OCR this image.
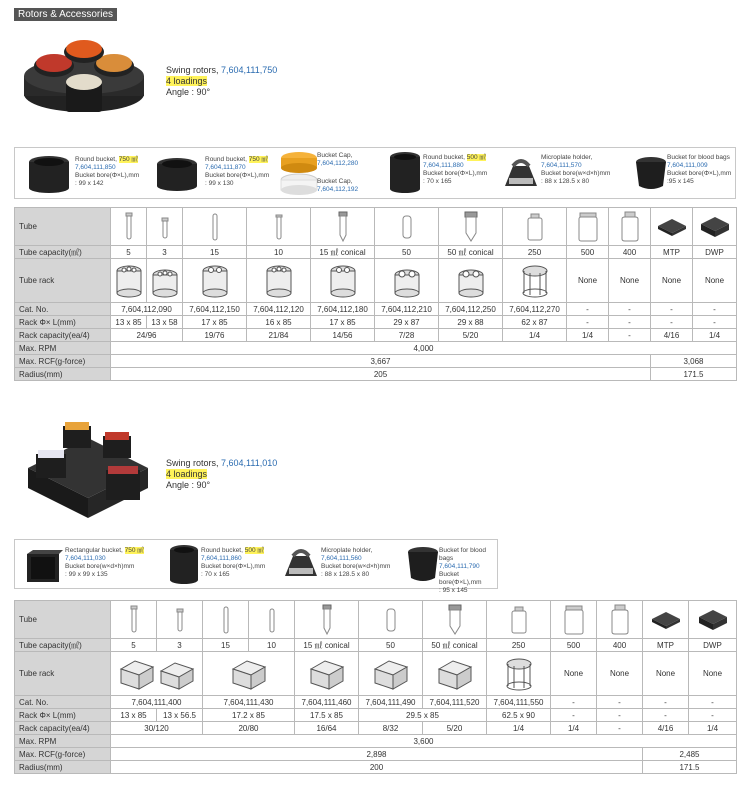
Rotors & Accessories
Swing rotors, 7,604,111,750
4 loadings
Angle : 90°
Round bucket, 750 ㎖
7,604,111,850
Bucket bore(Φ×L),mm
: 99 x 142
Round bucket, 750 ㎖
7,604,111,870
Bucket bore(Φ×L),mm
: 99 x 130
Bucket Cap,
7,604,112,280
Bucket Cap,
7,604,112,192
Round bucket, 500 ㎖
7,604,111,880
Bucket bore(Φ×L),mm
: 70 x 165
Microplate holder,
7,604,111,570
Bucket bore(w×d×h)mm
: 88 x 128.5 x 80
Bucket for blood bags
7,604,111,009
Bucket bore(Φ×L),mm
:95 x 145
Tube	

Tube capacity(㎖)	5	3	15	10	15 ㎖ conical	50	50 ㎖ conical	250	500	400	MTP	DWP
Tube rack									None	None	None	None
Cat. No.	7,604,112,090		7,604,112,150	7,604,112,120	7,604,112,180	7,604,112,210	7,604,112,250	7,604,112,270	-	-	-	-
Rack Φ× L(mm)	13 x 85	13 x 58	17 x 85	16 x 85	17 x 85	29 x 87	29 x 88	62 x 87	-	-	-	-
Rack capacity(ea/4)	24/96		19/76	21/84	14/56	7/28	5/20	1/4	1/4	-	4/16	1/4
Max. RPM	4,000											
Max. RCF(g-force)	3,667										3,068	
Radius(mm)	205										171.5	
Swing rotors, 7,604,111,010
4 loadings
Angle : 90°
Rectangular bucket, 750 ㎖
7,604,111,030
Bucket bore(w×d×h)mm
: 99 x 99 x 135
Round bucket, 500 ㎖
7,604,111,860
Bucket bore(Φ×L),mm
: 70 x 165
Microplate holder,
7,604,111,560
Bucket bore(w×d×h)mm
: 88 x 128.5 x 80
Bucket for blood bags
7,604,111,790
Bucket bore(Φ×L),mm
: 95 x 145
Tube	

Tube capacity(㎖)	5	3	15	10	15 ㎖ conical	50	50 ㎖ conical	250	500	400	MTP	DWP
Tube rack									None	None	None	None
Cat. No.	7,604,111,400		7,604,111,430		7,604,111,460	7,604,111,490	7,604,111,520	7,604,111,550	-	-	-	-
Rack Φ× L(mm)	13 x 85	13 x 56.5	17.2 x 85		17.5 x 85	29.5 x 85		62.5 x 90	-	-	-	-
Rack capacity(ea/4)	30/120		20/80		16/64	8/32	5/20	1/4	1/4	-	4/16	1/4
Max. RPM	3,600											
Max. RCF(g-force)	2,898										2,485	
Radius(mm)	200										171.5	
